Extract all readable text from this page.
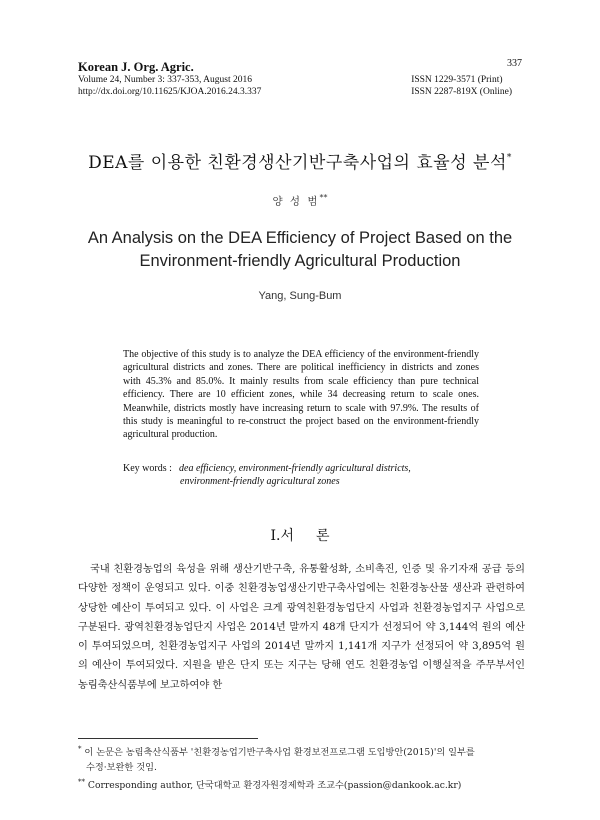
Korean J. Org. Agric.	337
Volume 24, Number 3: 337-353, August 2016
http://dx.doi.org/10.11625/KJOA.2016.24.3.337
ISSN 1229-3571 (Print)
ISSN 2287-819X (Online)
DEA를 이용한 친환경생산기반구축사업의 효율성 분석*
양 성 범**
An Analysis on the DEA Efficiency of Project Based on the
Environment-friendly Agricultural Production
Yang, Sung-Bum

The objective of this study is to analyze the DEA efficiency of the environment-friendly agricultural districts and zones. There are political inefficiency in districts and zones with 45.3% and 85.0%. It mainly results from scale efficiency than pure technical efficiency. There are 10 efficient zones, while 34 decreasing return to scale ones. Meanwhile, districts mostly have increasing return to scale with 97.9%. The results of this study is meaningful to re-construct the project based on the environment-friendly agricultural production.

Key words : dea efficiency, environment-friendly agricultural districts,
environment-friendly agricultural zones
Ⅰ.서 론

국내 친환경농업의 육성을 위해 생산기반구축, 유통활성화, 소비촉진, 인증 및 유기자재 공급 등의 다양한 정책이 운영되고 있다. 이중 친환경농업생산기반구축사업에는 친환경농산물 생산과 관련하여 상당한 예산이 투여되고 있다. 이 사업은 크게 광역친환경농업단지 사업과 친환경농업지구 사업으로 구분된다. 광역친환경농업단지 사업은 2014년 말까지 48개 단지가 선정되어 약 3,144억 원의 예산이 투여되었으며, 친환경농업지구 사업의 2014년 말까지 1,141개 지구가 선정되어 약 3,895억 원의 예산이 투여되었다. 지원을 받은 단지 또는 지구는 당해 연도 친환경농업 이행실적을 주무부서인 농림축산식품부에 보고하여야 한

* 이 논문은 농림축산식품부 '친환경농업기반구축사업 환경보전프로그램 도입방안(2015)'의 일부를
수정·보완한 것임.
** Corresponding author, 단국대학교 환경자원경제학과 조교수(passion@dankook.ac.kr)
